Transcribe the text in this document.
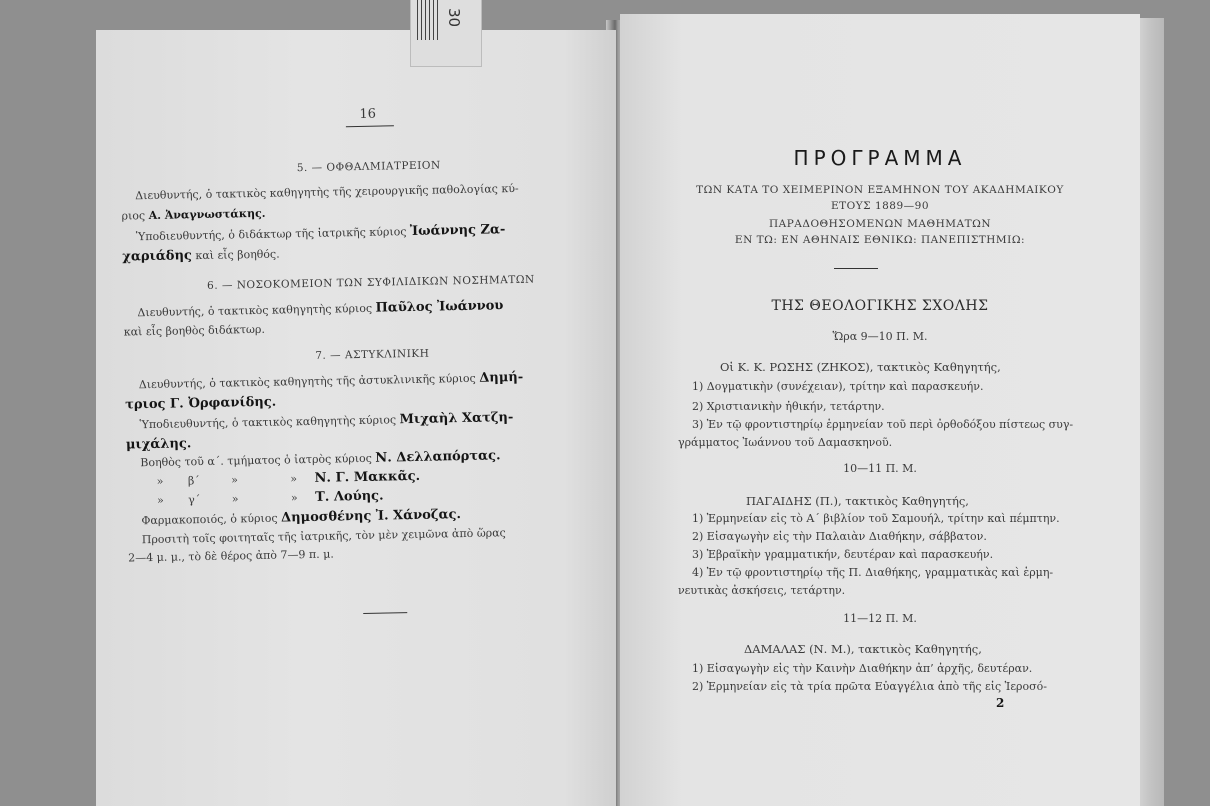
16
5. — ΟΦΘΑΛΜΙΑΤΡΕΙΟΝ
Διευθυντής, ὁ τακτικὸς καθηγητὴς τῆς χειρουργικῆς παθολογίας κύ-
ριος Α. Ἀναγνωστάκης.
Ὑποδιευθυντής, ὁ διδάκτωρ τῆς ἰατρικῆς κύριος Ἰωάννης Ζα-
χαριάδης καὶ εἷς βοηθός.
6. — ΝΟΣΟΚΟΜΕΙΟΝ ΤΩΝ ΣΥΦΙΛΙΔΙΚΩΝ ΝΟΣΗΜΑΤΩΝ
Διευθυντής, ὁ τακτικὸς καθηγητὴς κύριος Παῦλος Ἰωάννου
καὶ εἷς βοηθὸς διδάκτωρ.
7. — ΑΣΤΥΚΛΙΝΙΚΗ
Διευθυντής, ὁ τακτικὸς καθηγητὴς τῆς ἀστυκλινικῆς κύριος Δημή-
τριος Γ. Ὀρφανίδης.
Ὑποδιευθυντής, ὁ τακτικὸς καθηγητὴς κύριος Μιχαὴλ Χατζη-
μιχάλης.
Βοηθὸς τοῦ α΄. τμήματος ὁ ἰατρὸς κύριος Ν. Δελλαπόρτας.
»       β΄         »               »     Ν. Γ. Μακκᾶς.
»       γ΄         »               »     Τ. Λούης.
Φαρμακοποιός, ὁ κύριος Δημοσθένης Ἰ. Χάνοζας.
Προσιτὴ τοῖς φοιτηταῖς τῆς ἰατρικῆς, τὸν μὲν χειμῶνα ἀπὸ ὥρας
2—4 μ. μ., τὸ δὲ θέρος ἀπὸ 7—9 π. μ.
ΠΡΟΓΡΑΜΜΑ
ΤΩΝ ΚΑΤΑ ΤΟ ΧΕΙΜΕΡΙΝΟΝ ΕΞΑΜΗΝΟΝ ΤΟΥ ΑΚΑΔΗΜΑΙΚΟΥ
ΕΤΟΥΣ 1889—90
ΠΑΡΑΔΟΘΗΣΟΜΕΝΩΝ ΜΑΘΗΜΑΤΩΝ
ΕΝ ΤΩ: ΕΝ ΑΘΗΝΑΙΣ ΕΘΝΙΚΩ: ΠΑΝΕΠΙΣΤΗΜΙΩ:
ΤΗΣ ΘΕΟΛΟΓΙΚΗΣ ΣΧΟΛΗΣ
Ὥρα 9—10 Π. Μ.
Οἱ Κ. Κ. ΡΩΣΗΣ (ΖΗΚΟΣ), τακτικὸς Καθηγητής,
1) Δογματικὴν (συνέχειαν), τρίτην καὶ παρασκευήν.
2) Χριστιανικὴν ἠθικήν, τετάρτην.
3) Ἐν τῷ φροντιστηρίῳ ἑρμηνείαν τοῦ περὶ ὀρθοδόξου πίστεως συγ-
γράμματος Ἰωάννου τοῦ Δαμασκηνοῦ.
10—11 Π. Μ.
ΠΑΓΑΙΔΗΣ (Π.), τακτικὸς Καθηγητής,
1) Ἑρμηνείαν εἰς τὸ Α΄ βιβλίον τοῦ Σαμουήλ, τρίτην καὶ πέμπτην.
2) Εἰσαγωγὴν εἰς τὴν Παλαιὰν Διαθήκην, σάββατον.
3) Ἑβραϊκὴν γραμματικήν, δευτέραν καὶ παρασκευήν.
4) Ἐν τῷ φροντιστηρίῳ τῆς Π. Διαθήκης, γραμματικὰς καὶ ἑρμη-
νευτικὰς ἀσκήσεις, τετάρτην.
11—12 Π. Μ.
ΔΑΜΑΛΑΣ (Ν. Μ.), τακτικὸς Καθηγητής,
1) Εἰσαγωγὴν εἰς τὴν Καινὴν Διαθήκην ἀπ’ ἀρχῆς, δευτέραν.
2) Ἑρμηνείαν εἰς τὰ τρία πρῶτα Εὐαγγέλια ἀπὸ τῆς εἰς Ἱεροσό-
2
30
